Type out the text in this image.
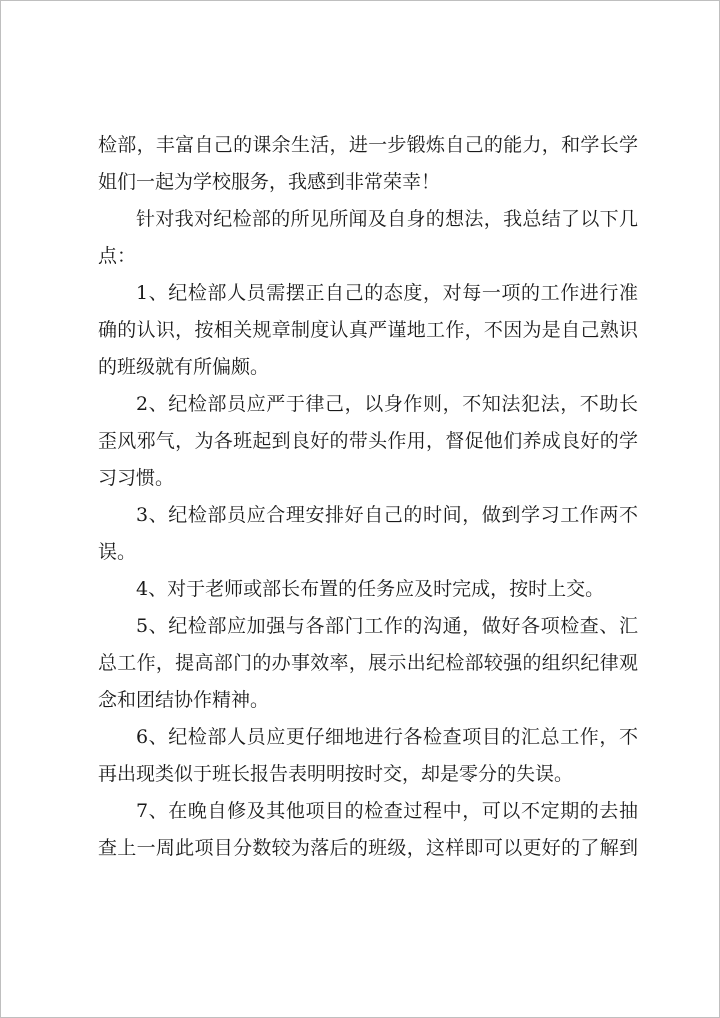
检部，丰富自己的课余生活，进一步锻炼自己的能力，和学长学
姐们一起为学校服务，我感到非常荣幸！
针对我对纪检部的所见所闻及自身的想法，我总结了以下几
点：
1、纪检部人员需摆正自己的态度，对每一项的工作进行准
确的认识，按相关规章制度认真严谨地工作，不因为是自己熟识
的班级就有所偏颇。
2、纪检部员应严于律己，以身作则，不知法犯法，不助长
歪风邪气，为各班起到良好的带头作用，督促他们养成良好的学
习习惯。
3、纪检部员应合理安排好自己的时间，做到学习工作两不
误。
4、对于老师或部长布置的任务应及时完成，按时上交。
5、纪检部应加强与各部门工作的沟通，做好各项检查、汇
总工作，提高部门的办事效率，展示出纪检部较强的组织纪律观
念和团结协作精神。
6、纪检部人员应更仔细地进行各检查项目的汇总工作，不
再出现类似于班长报告表明明按时交，却是零分的失误。
7、在晚自修及其他项目的检查过程中，可以不定期的去抽
查上一周此项目分数较为落后的班级，这样即可以更好的了解到
